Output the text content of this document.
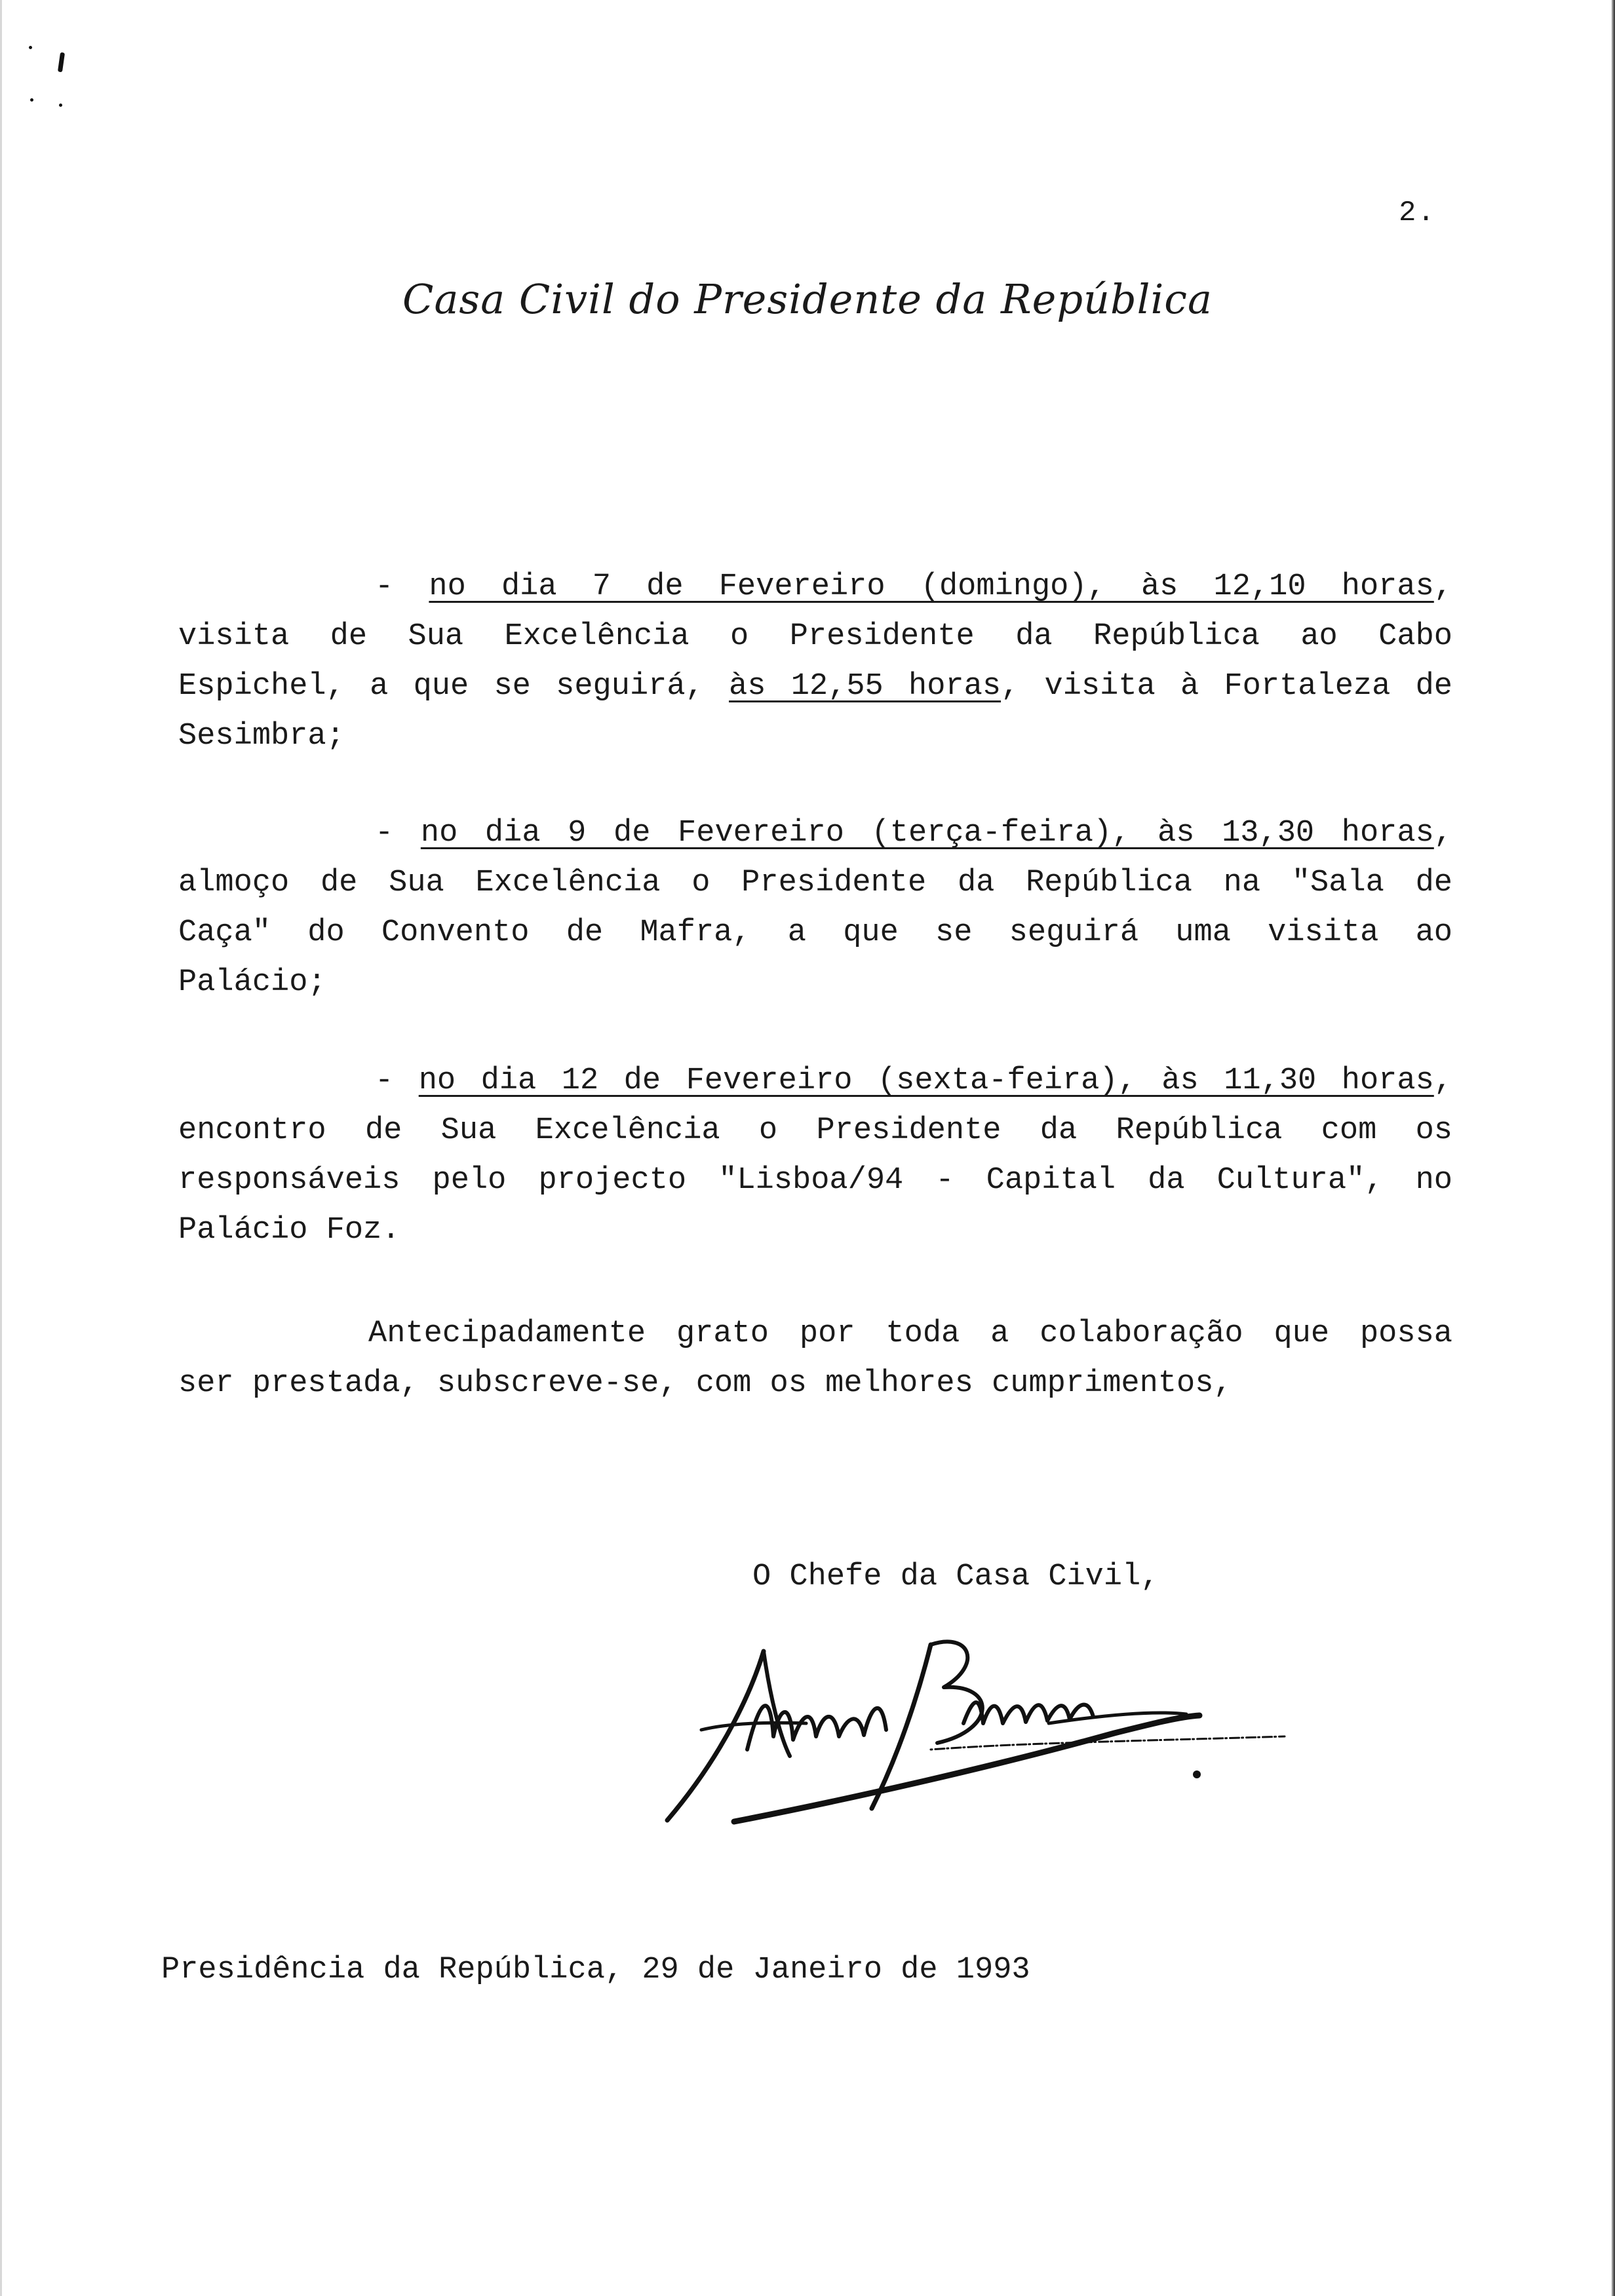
2.
Casa Civil do Presidente da República
- no dia 7 de Fevereiro (domingo), às 12,10 horas,
visita de Sua Excelência o Presidente da República ao Cabo
Espichel, a que se seguirá, às 12,55 horas, visita à Fortaleza de
Sesimbra;
- no dia 9 de Fevereiro (terça-feira), às 13,30 horas,
almoço de Sua Excelência o Presidente da República na "Sala de
Caça" do Convento de Mafra, a que se seguirá uma visita ao
Palácio;
- no dia 12 de Fevereiro (sexta-feira), às 11,30 horas,
encontro de Sua Excelência o Presidente da República com os
responsáveis pelo projecto "Lisboa/94 - Capital da Cultura", no
Palácio Foz.
Antecipadamente grato por toda a colaboração que possa
ser prestada, subscreve-se, com os melhores cumprimentos,
O Chefe da Casa Civil,
Presidência da República, 29 de Janeiro de 1993
